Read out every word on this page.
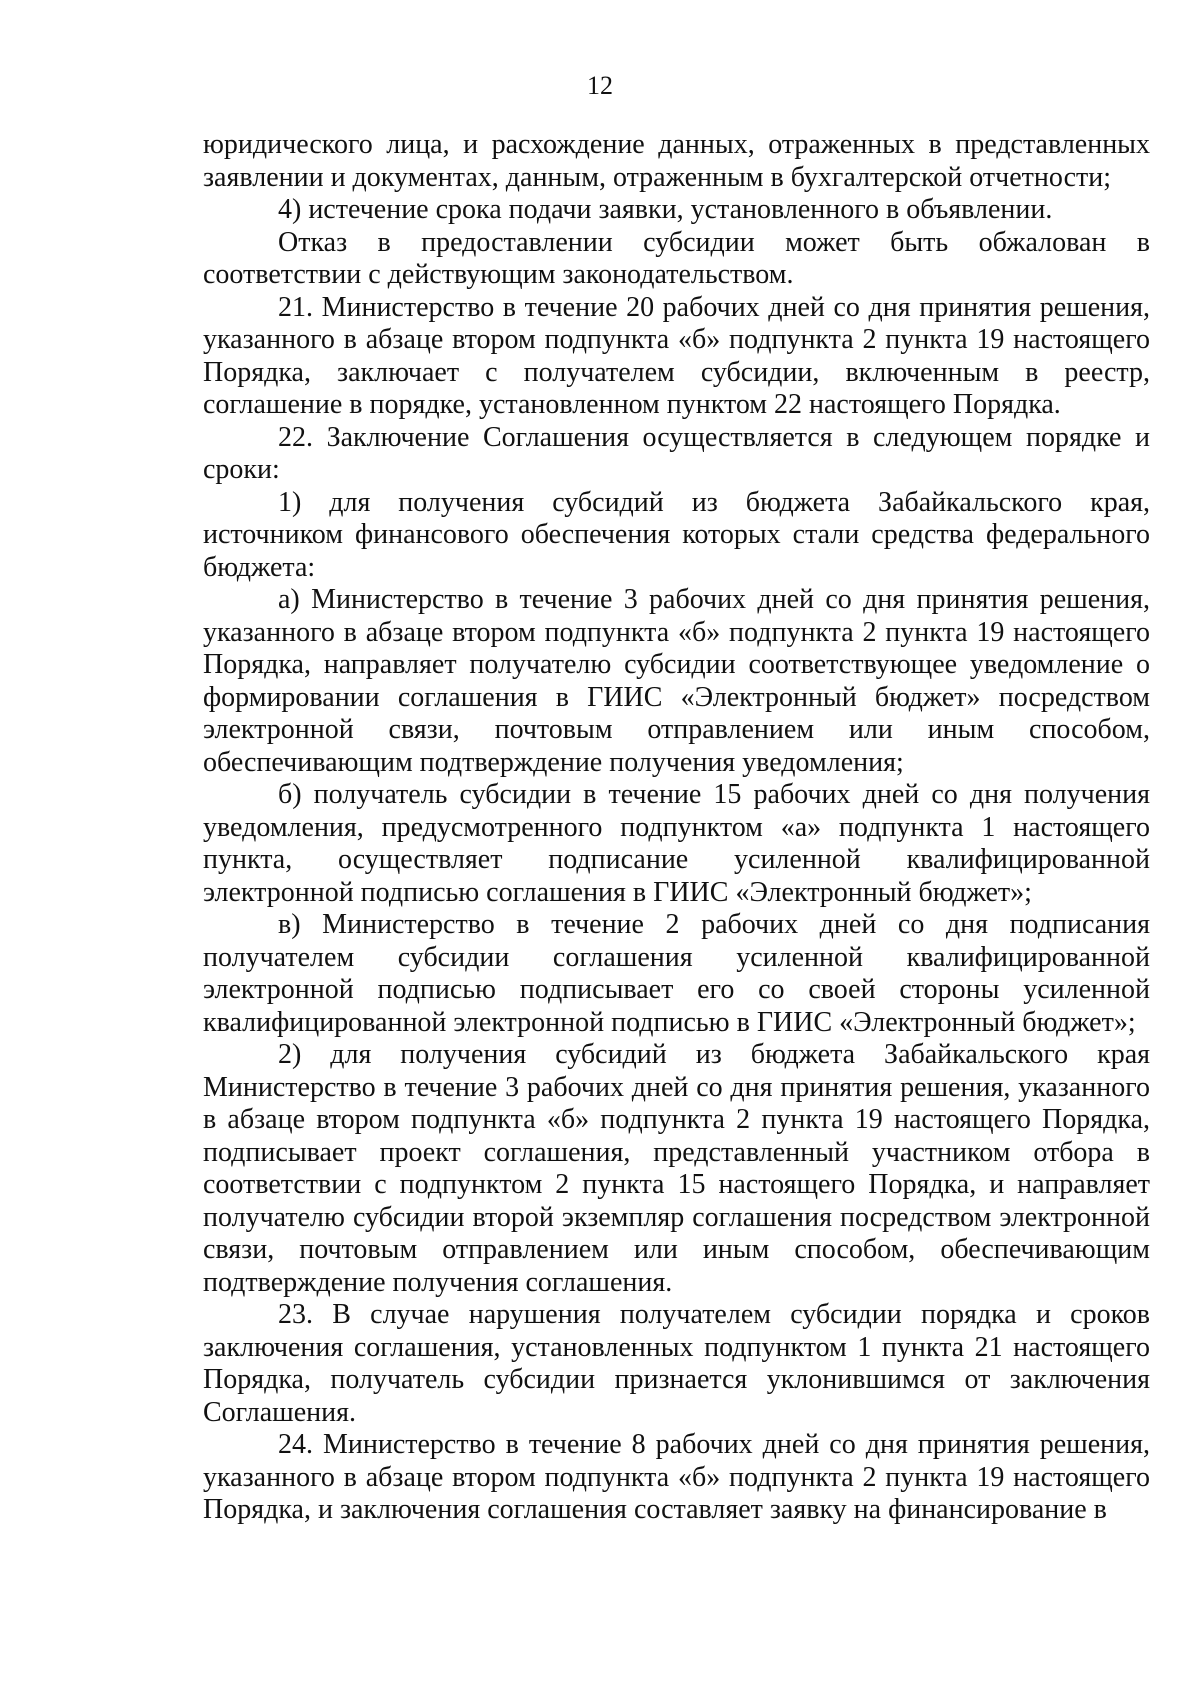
12

юридического лица, и расхождение данных, отраженных в представленных заявлении и документах, данным, отраженным в бухгалтерской отчетности;

4) истечение срока подачи заявки, установленного в объявлении.

Отказ в предоставлении субсидии может быть обжалован в соответствии с действующим законодательством.

21. Министерство в течение 20 рабочих дней со дня принятия решения, указанного в абзаце втором подпункта «б» подпункта 2 пункта 19 настоящего Порядка, заключает с получателем субсидии, включенным в реестр, соглашение в порядке, установленном пунктом 22 настоящего Порядка.

22. Заключение Соглашения осуществляется в следующем порядке и сроки:

1) для получения субсидий из бюджета Забайкальского края, источником финансового обеспечения которых стали средства федерального бюджета:

а) Министерство в течение 3 рабочих дней со дня принятия решения, указанного в абзаце втором подпункта «б» подпункта 2 пункта 19 настоящего Порядка, направляет получателю субсидии соответствующее уведомление о формировании соглашения в ГИИС «Электронный бюджет» посредством электронной связи, почтовым отправлением или иным способом, обеспечивающим подтверждение получения уведомления;

б) получатель субсидии в течение 15 рабочих дней со дня получения уведомления, предусмотренного подпунктом «а» подпункта 1 настоящего пункта, осуществляет подписание усиленной квалифицированной электронной подписью соглашения в ГИИС «Электронный бюджет»;

в) Министерство в течение 2 рабочих дней со дня подписания получателем субсидии соглашения усиленной квалифицированной электронной подписью подписывает его со своей стороны усиленной квалифицированной электронной подписью в ГИИС «Электронный бюджет»;

2) для получения субсидий из бюджета Забайкальского края Министерство в течение 3 рабочих дней со дня принятия решения, указанного в абзаце втором подпункта «б» подпункта 2 пункта 19 настоящего Порядка, подписывает проект соглашения, представленный участником отбора в соответствии с подпунктом 2 пункта 15 настоящего Порядка, и направляет получателю субсидии второй экземпляр соглашения посредством электронной связи, почтовым отправлением или иным способом, обеспечивающим подтверждение получения соглашения.

23. В случае нарушения получателем субсидии порядка и сроков заключения соглашения, установленных подпунктом 1 пункта 21 настоящего Порядка, получатель субсидии признается уклонившимся от заключения Соглашения.

24. Министерство в течение 8 рабочих дней со дня принятия решения, указанного в абзаце втором подпункта «б» подпункта 2 пункта 19 настоящего Порядка, и заключения соглашения составляет заявку на финансирование в
